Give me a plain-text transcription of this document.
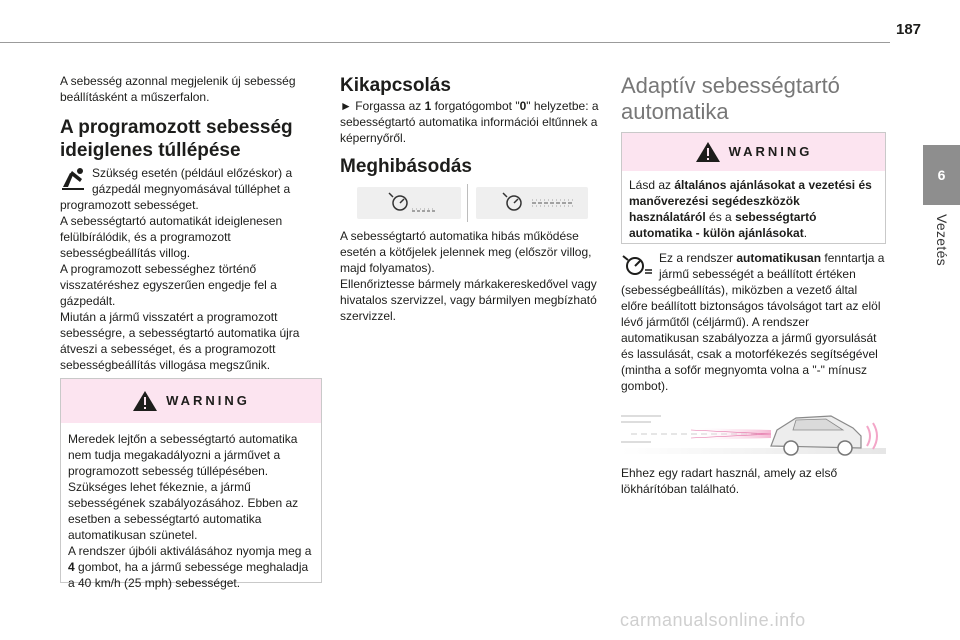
187
6
Vezetés
A sebesség azonnal megjelenik új sebesség beállításként a műszerfalon.
A programozott sebesség ideiglenes túllépése
Szükség esetén (például előzéskor) a gázpedál megnyomásával túlléphet a programozott sebességet.
A sebességtartó automatikát ideiglenesen felülbírálódik, és a programozott sebességbeállítás villog.
A programozott sebességhez történő visszatéréshez egyszerűen engedje fel a gázpedált.
Miután a jármű visszatért a programozott sebességre, a sebességtartó automatika újra átveszi a sebességet, és a programozott sebességbeállítás villogása megszűnik.
WARNING
Meredek lejtőn a sebességtartó automatika nem tudja megakadályozni a járművet a programozott sebesség túllépésében.
Szükséges lehet fékeznie, a jármű sebességének szabályozásához. Ebben az esetben a sebességtartó automatika automatikusan szünetel.
A rendszer újbóli aktiválásához nyomja meg a 4 gombot, ha a jármű sebessége meghaladja a 40 km/h (25 mph) sebességet.
Kikapcsolás
► Forgassa az 1 forgatógombot "0" helyzetbe: a sebességtartó automatika információi eltűnnek a képernyőről.
Meghibásodás
A sebességtartó automatika hibás működése esetén a kötőjelek jelennek meg (először villog, majd folyamatos).
Ellenőriztesse bármely márkakereskedővel vagy hivatalos szervizzel, vagy bármilyen megbízható szervizzel.
Adaptív sebességtartó automatika
WARNING
Lásd az általános ajánlásokat a vezetési és manőverezési segédeszközök használatáról és a sebességtartó automatika - külön ajánlásokat.
Ez a rendszer automatikusan fenntartja a jármű sebességét a beállított értéken (sebességbeállítás), miközben a vezető által előre beállított biztonságos távolságot tart az elöl lévő járműtől (céljármű). A rendszer automatikusan szabályozza a jármű gyorsulását és lassulását, csak a motorfékezés segítségével (mintha a sofőr megnyomta volna a "-" mínusz gombot).
Ehhez egy radart használ, amely az első lökhárítóban található.
carmanualsonline.info
